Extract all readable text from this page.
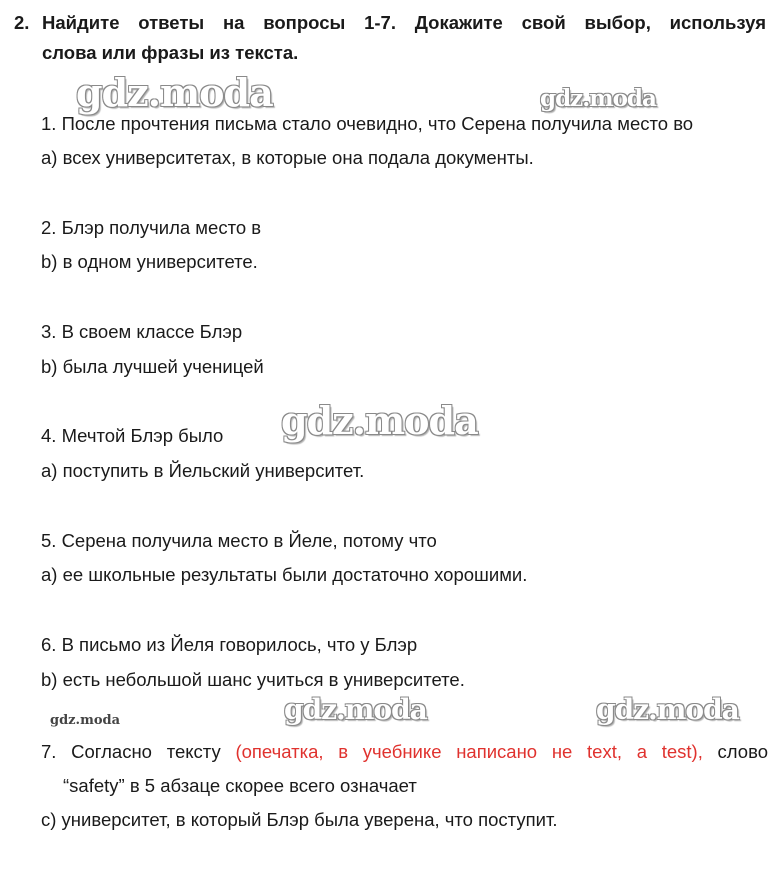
2. Найдите ответы на вопросы 1-7. Докажите свой выбор, используя
слова или фразы из текста.
gdz.moda	gdz.moda
1. После прочтения письма стало очевидно, что Серена получила место во
a) всех университетах, в которые она подала документы.
2. Блэр получила место в
b) в одном университете.
3. В своем классе Блэр
b) была лучшей ученицей
gdz.moda
4. Мечтой Блэр было
a) поступить в Йельский университет.
5. Серена получила место в Йеле, потому что
a) ее школьные результаты были достаточно хорошими.
6. В письмо из Йеля говорилось, что у Блэр
b) есть небольшой шанс учиться в университете.
gdz.moda	gdz.moda	gdz.moda
7. Согласно тексту (опечатка, в учебнике написано не text, а test), слово
“safety” в 5 абзаце скорее всего означает
c) университет, в который Блэр была уверена, что поступит.
